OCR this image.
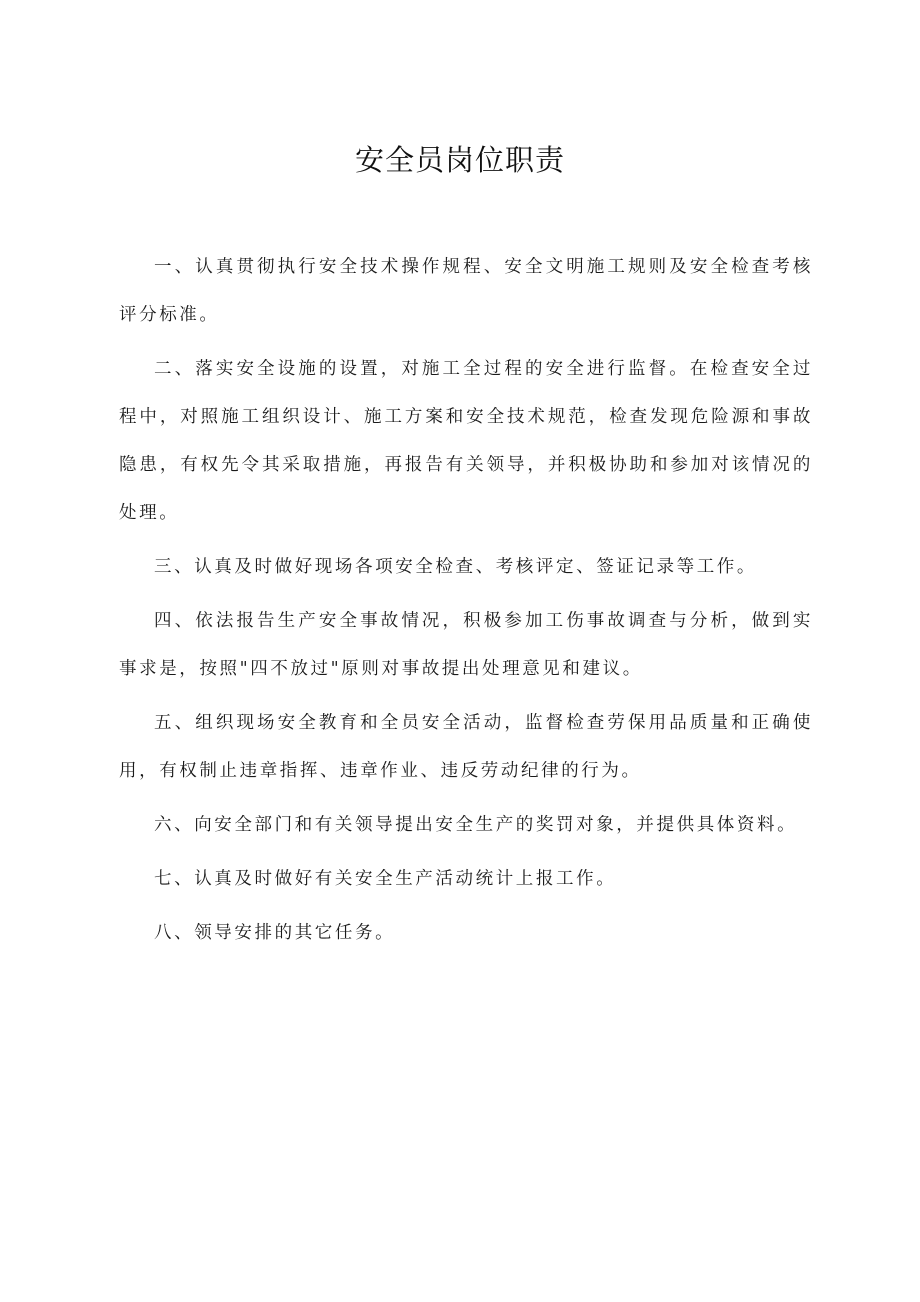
安全员岗位职责

一、认真贯彻执行安全技术操作规程、安全文明施工规则及安全检查考核评分标准。

二、落实安全设施的设置，对施工全过程的安全进行监督。在检查安全过程中，对照施工组织设计、施工方案和安全技术规范，检查发现危险源和事故隐患，有权先令其采取措施，再报告有关领导，并积极协助和参加对该情况的处理。

三、认真及时做好现场各项安全检查、考核评定、签证记录等工作。

四、依法报告生产安全事故情况，积极参加工伤事故调查与分析，做到实事求是，按照"四不放过"原则对事故提出处理意见和建议。

五、组织现场安全教育和全员安全活动，监督检查劳保用品质量和正确使用，有权制止违章指挥、违章作业、违反劳动纪律的行为。

六、向安全部门和有关领导提出安全生产的奖罚对象，并提供具体资料。

七、认真及时做好有关安全生产活动统计上报工作。

八、领导安排的其它任务。
